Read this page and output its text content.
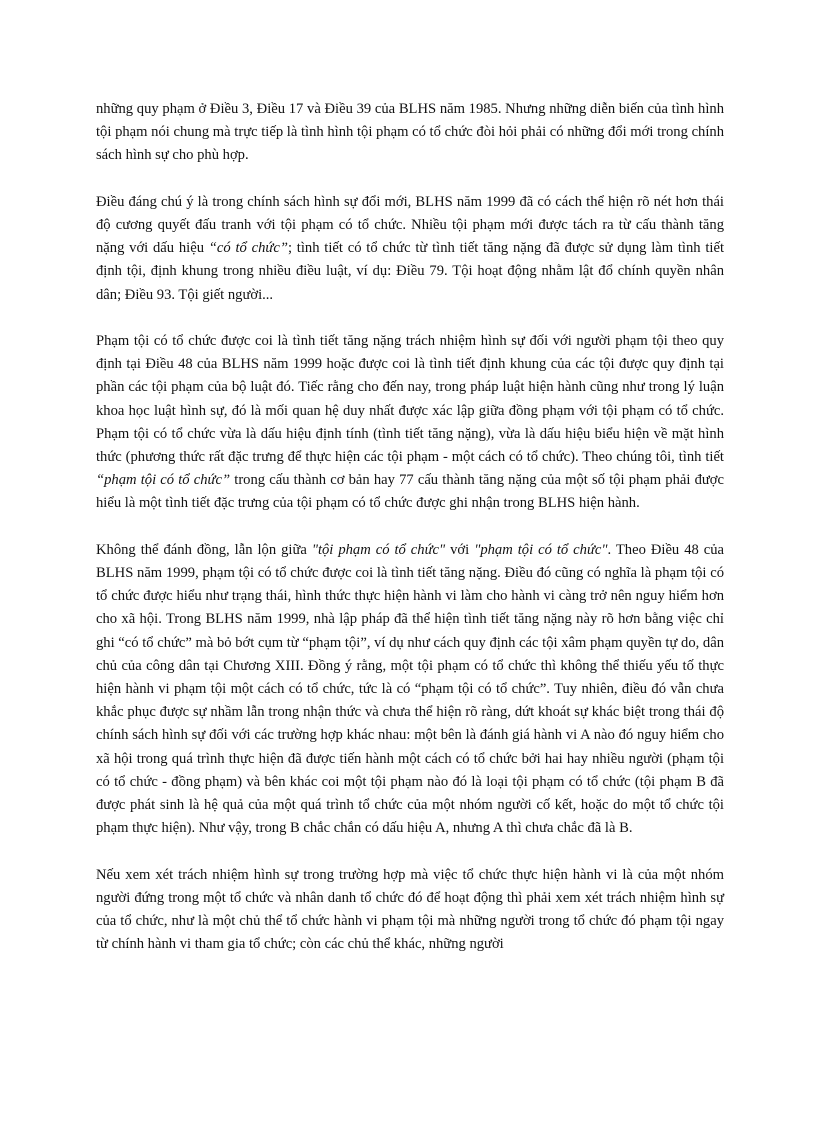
những quy phạm ở Điều 3, Điều 17 và Điều 39 của BLHS năm 1985. Nhưng những diễn biến của tình hình tội phạm nói chung mà trực tiếp là tình hình tội phạm có tổ chức đòi hỏi phải có những đổi mới trong chính sách hình sự cho phù hợp.

Điều đáng chú ý là trong chính sách hình sự đổi mới, BLHS năm 1999 đã có cách thể hiện rõ nét hơn thái độ cương quyết đấu tranh với tội phạm có tổ chức. Nhiều tội phạm mới được tách ra từ cấu thành tăng nặng với dấu hiệu “có tổ chức”; tình tiết có tổ chức từ tình tiết tăng nặng đã được sử dụng làm tình tiết định tội, định khung trong nhiều điều luật, ví dụ: Điều 79. Tội hoạt động nhằm lật đổ chính quyền nhân dân; Điều 93. Tội giết người...

Phạm tội có tổ chức được coi là tình tiết tăng nặng trách nhiệm hình sự đối với người phạm tội theo quy định tại Điều 48 của BLHS năm 1999 hoặc được coi là tình tiết định khung của các tội được quy định tại phần các tội phạm của bộ luật đó. Tiếc rằng cho đến nay, trong pháp luật hiện hành cũng như trong lý luận khoa học luật hình sự, đó là mối quan hệ duy nhất được xác lập giữa đồng phạm với tội phạm có tổ chức. Phạm tội có tổ chức vừa là dấu hiệu định tính (tình tiết tăng nặng), vừa là dấu hiệu biểu hiện về mặt hình thức (phương thức rất đặc trưng để thực hiện các tội phạm - một cách có tổ chức). Theo chúng tôi, tình tiết “phạm tội có tổ chức” trong cấu thành cơ bản hay 77 cấu thành tăng nặng của một số tội phạm phải được hiểu là một tình tiết đặc trưng của tội phạm có tổ chức được ghi nhận trong BLHS hiện hành.

Không thể đánh đồng, lẫn lộn giữa "tội phạm có tổ chức" với "phạm tội có tổ chức". Theo Điều 48 của BLHS năm 1999, phạm tội có tổ chức được coi là tình tiết tăng nặng. Điều đó cũng có nghĩa là phạm tội có tổ chức được hiểu như trạng thái, hình thức thực hiện hành vi làm cho hành vi càng trở nên nguy hiểm hơn cho xã hội. Trong BLHS năm 1999, nhà lập pháp đã thể hiện tình tiết tăng nặng này rõ hơn bằng việc chỉ ghi “có tổ chức” mà bỏ bớt cụm từ “phạm tội”, ví dụ như cách quy định các tội xâm phạm quyền tự do, dân chủ của công dân tại Chương XIII. Đồng ý rằng, một tội phạm có tổ chức thì không thể thiếu yếu tố thực hiện hành vi phạm tội một cách có tổ chức, tức là có “phạm tội có tổ chức”. Tuy nhiên, điều đó vẫn chưa khắc phục được sự nhầm lẫn trong nhận thức và chưa thể hiện rõ ràng, dứt khoát sự khác biệt trong thái độ chính sách hình sự đối với các trường hợp khác nhau: một bên là đánh giá hành vi A nào đó nguy hiểm cho xã hội trong quá trình thực hiện đã được tiến hành một cách có tổ chức bởi hai hay nhiều người (phạm tội có tổ chức - đồng phạm) và bên khác coi một tội phạm nào đó là loại tội phạm có tổ chức (tội phạm B đã được phát sinh là hệ quả của một quá trình tổ chức của một nhóm người cố kết, hoặc do một tổ chức tội phạm thực hiện). Như vậy, trong B chắc chắn có dấu hiệu A, nhưng A thì chưa chắc đã là B.

Nếu xem xét trách nhiệm hình sự trong trường hợp mà việc tổ chức thực hiện hành vi là của một nhóm người đứng trong một tổ chức và nhân danh tổ chức đó để hoạt động thì phải xem xét trách nhiệm hình sự của tổ chức, như là một chủ thể tổ chức hành vi phạm tội mà những người trong tổ chức đó phạm tội ngay từ chính hành vi tham gia tổ chức; còn các chủ thể khác, những người
